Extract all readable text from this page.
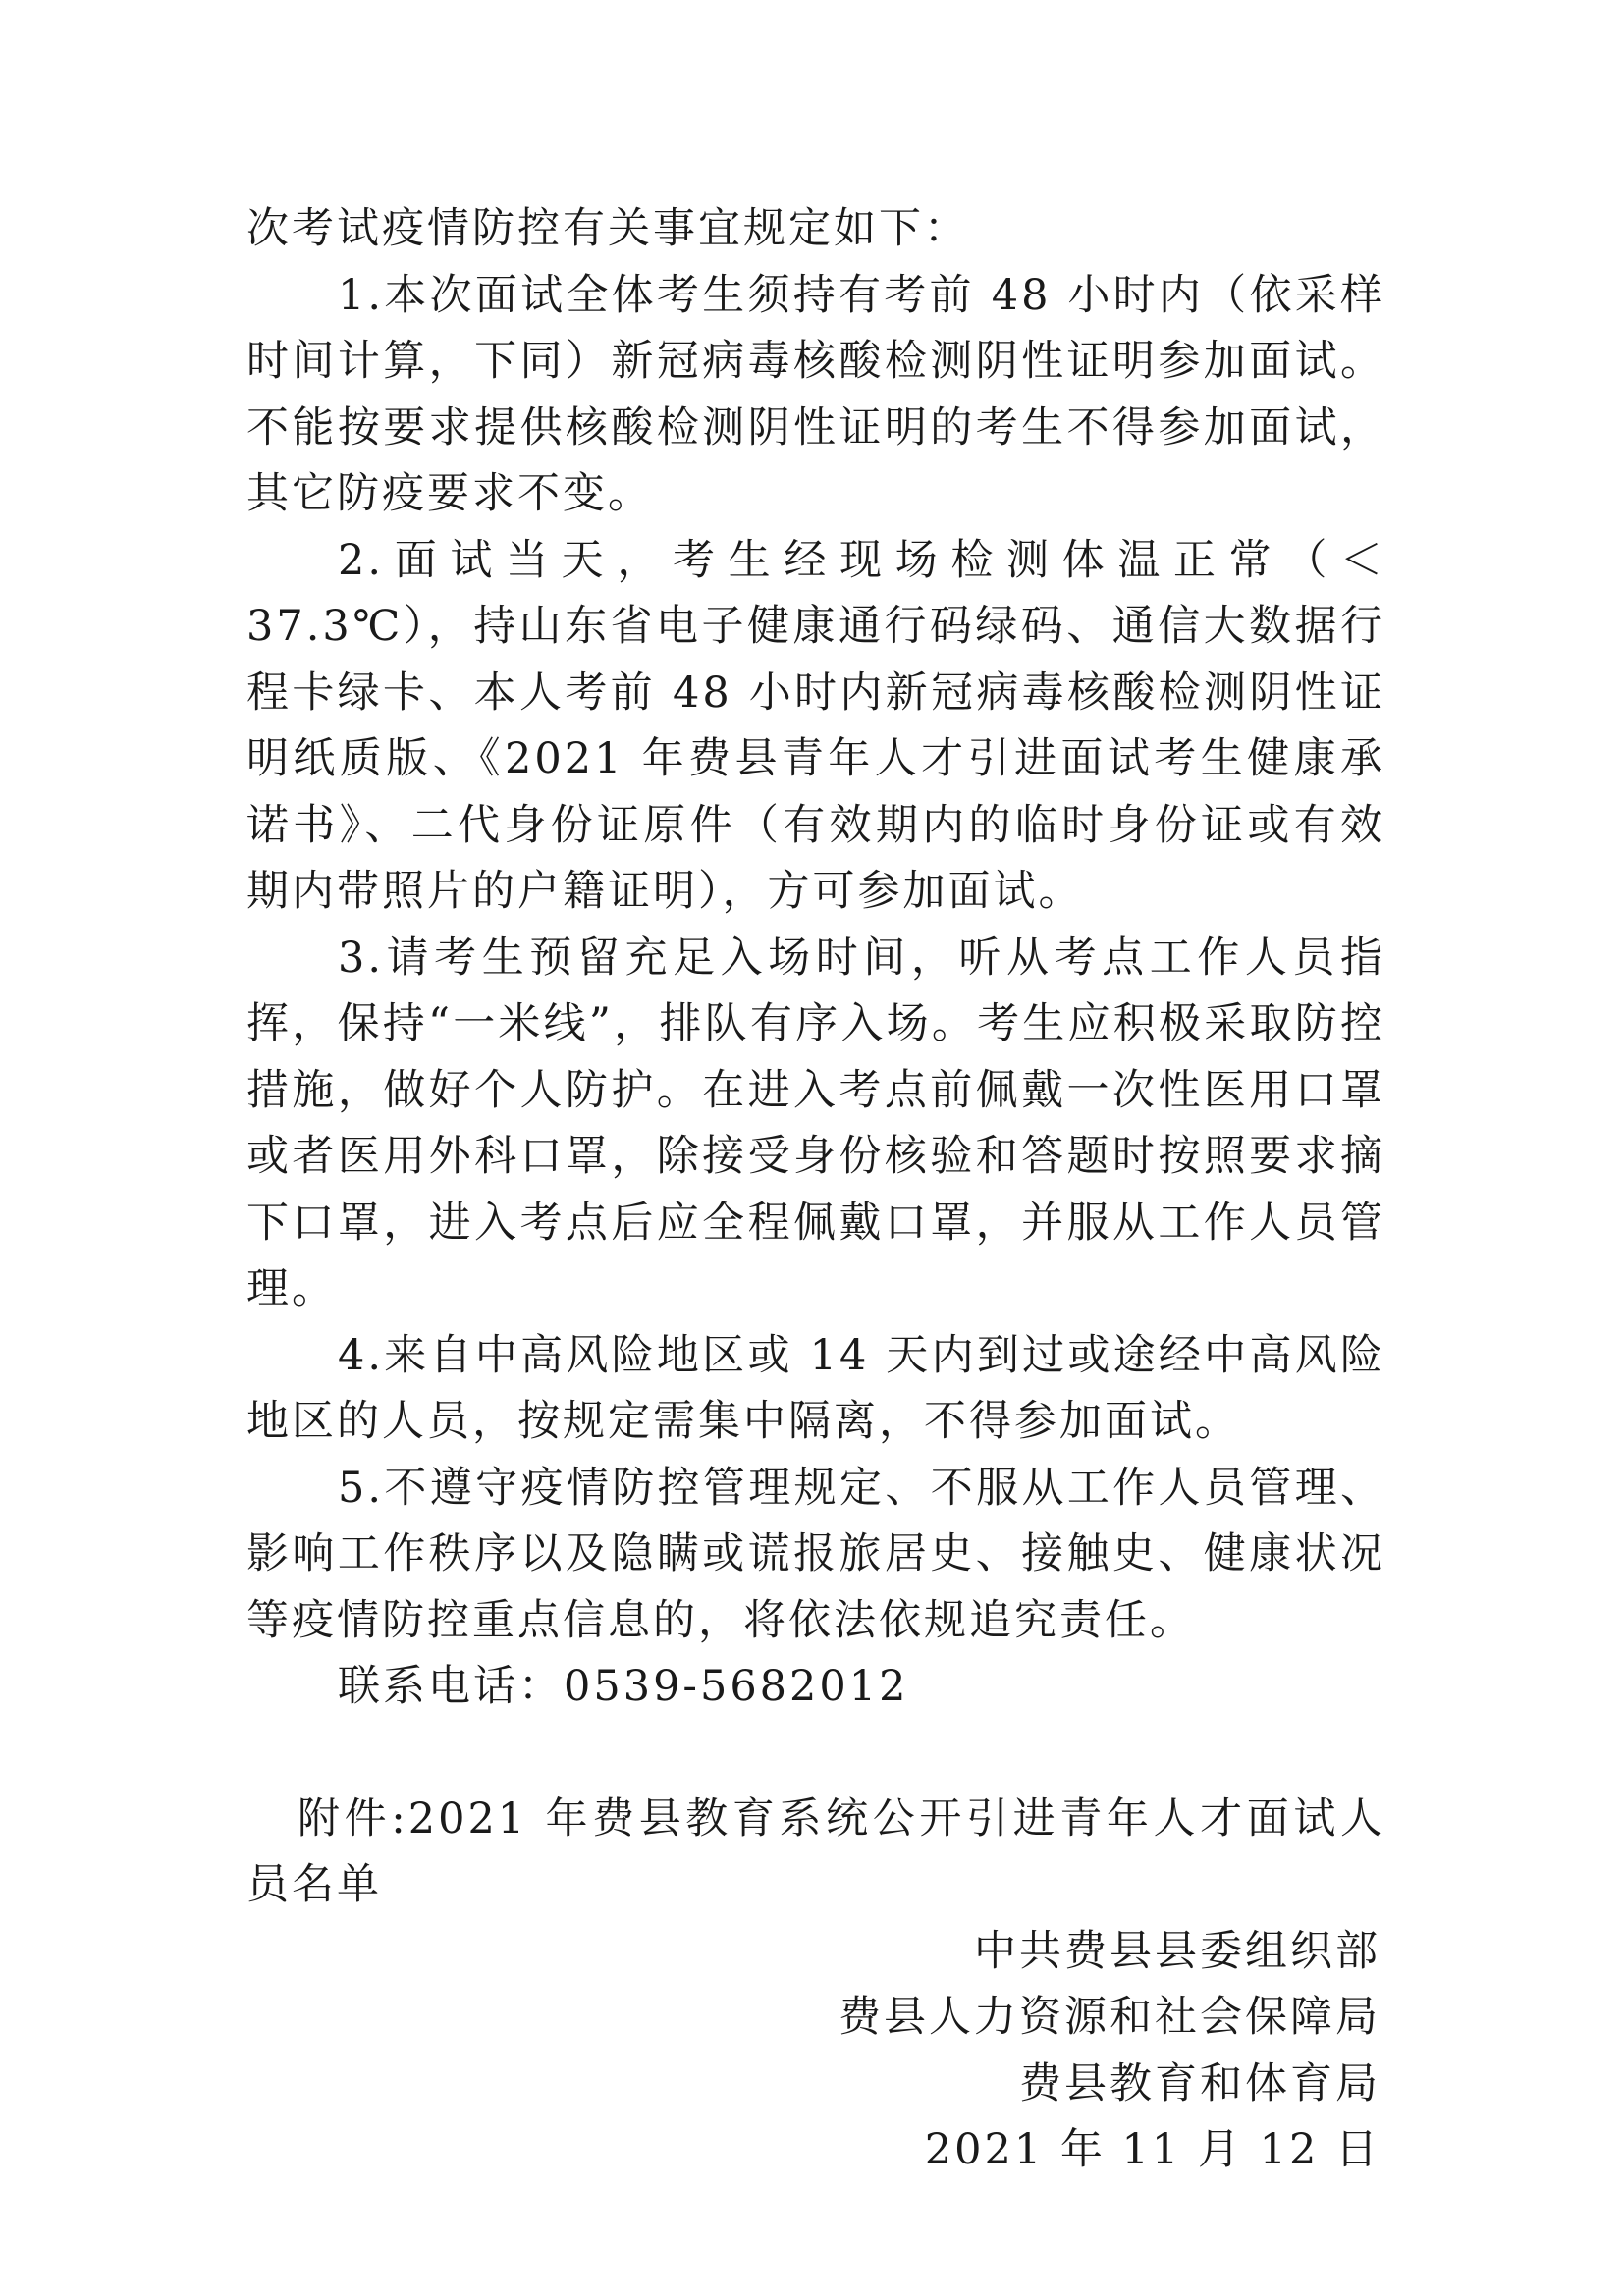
次考试疫情防控有关事宜规定如下：

1.本次面试全体考生须持有考前 48 小时内（依采样时间计算，下同）新冠病毒核酸检测阴性证明参加面试。不能按要求提供核酸检测阴性证明的考生不得参加面试，其它防疫要求不变。

2.面试当天，考生经现场检测体温正常（＜37.3℃），持山东省电子健康通行码绿码、通信大数据行程卡绿卡、本人考前 48 小时内新冠病毒核酸检测阴性证明纸质版、《2021 年费县青年人才引进面试考生健康承诺书》、二代身份证原件（有效期内的临时身份证或有效期内带照片的户籍证明），方可参加面试。

3.请考生预留充足入场时间，听从考点工作人员指挥，保持“一米线”，排队有序入场。考生应积极采取防控措施，做好个人防护。在进入考点前佩戴一次性医用口罩或者医用外科口罩，除接受身份核验和答题时按照要求摘下口罩，进入考点后应全程佩戴口罩，并服从工作人员管理。

4.来自中高风险地区或 14 天内到过或途经中高风险地区的人员，按规定需集中隔离，不得参加面试。

5.不遵守疫情防控管理规定、不服从工作人员管理、影响工作秩序以及隐瞒或谎报旅居史、接触史、健康状况等疫情防控重点信息的，将依法依规追究责任。

联系电话：0539-5682012

附件:2021 年费县教育系统公开引进青年人才面试人员名单

中共费县县委组织部
费县人力资源和社会保障局
费县教育和体育局
2021 年 11 月 12 日
